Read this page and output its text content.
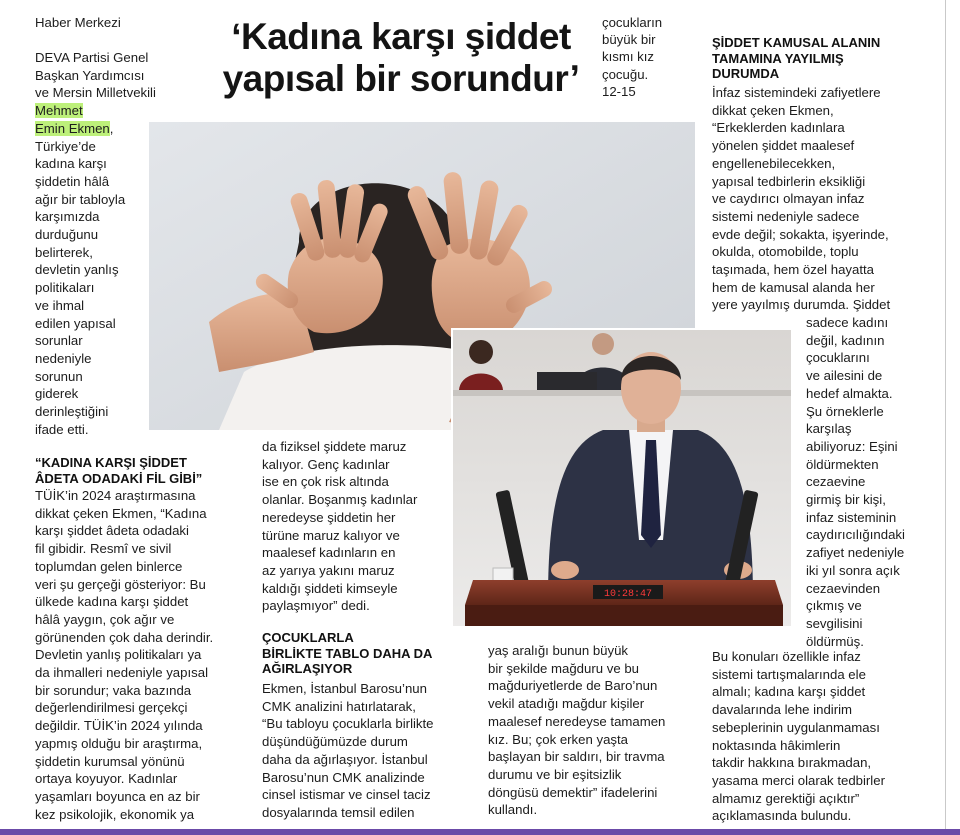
Haber Merkezi	‘Kadına karşı şiddet
yapısal bir sorundur’
çocukların
büyük bir
kısmı kız
çocuğu.
12-15
DEVA Partisi Genel
Başkan Yardımcısı
ve Mersin Milletvekili
Mehmet
Emin Ekmen,
Türkiye’de
kadına karşı
şiddetin hâlâ
ağır bir tabloyla
karşımızda
durduğunu
belirterek,
devletin yanlış
politikaları
ve ihmal
edilen yapısal
sorunlar
nedeniyle
sorunun
giderek
derinleştiğini
ifade etti.
“KADINA KARŞI ŞİDDET
ÂDETA ODADAKİ FİL GİBİ”
TÜİK’in 2024 araştırmasına
dikkat çeken Ekmen, “Kadına
karşı şiddet âdeta odadaki
fil gibidir. Resmî ve sivil
toplumdan gelen binlerce
veri şu gerçeği gösteriyor: Bu
ülkede kadına karşı şiddet
hâlâ yaygın, çok ağır ve
görünenden çok daha derindir.
Devletin yanlış politikaları ya
da ihmalleri nedeniyle yapısal
bir sorundur; vaka bazında
değerlendirilmesi gerçekçi
değildir. TÜİK’in 2024 yılında
yapmış olduğu bir araştırma,
şiddetin kurumsal yönünü
ortaya koyuyor. Kadınlar
yaşamları boyunca en az bir
kez psikolojik, ekonomik ya
10:28:47
da fiziksel şiddete maruz
kalıyor. Genç kadınlar
ise en çok risk altında
olanlar. Boşanmış kadınlar
neredeyse şiddetin her
türüne maruz kalıyor ve
maalesef kadınların en
az yarıya yakını maruz
kaldığı şiddeti kimseyle
paylaşmıyor” dedi.
ÇOCUKLARLA
BİRLİKTE TABLO DAHA DA
AĞIRLAŞIYOR
Ekmen, İstanbul Barosu’nun
CMK analizini hatırlatarak,
“Bu tabloyu çocuklarla birlikte
düşündüğümüzde durum
daha da ağırlaşıyor. İstanbul
Barosu’nun CMK analizinde
cinsel istismar ve cinsel taciz
dosyalarında temsil edilen
yaş aralığı bunun büyük
bir şekilde mağduru ve bu
mağduriyetlerde de Baro’nun
vekil atadığı mağdur kişiler
maalesef neredeyse tamamen
kız. Bu; çok erken yaşta
başlayan bir saldırı, bir travma
durumu ve bir eşitsizlik
döngüsü demektir” ifadelerini
kullandı.
ŞİDDET KAMUSAL ALANIN
TAMAMINA YAYILMIŞ
DURUMDA
İnfaz sistemindeki zafiyetlere
dikkat çeken Ekmen,
“Erkeklerden kadınlara
yönelen şiddet maalesef
engellenebilecekken,
yapısal tedbirlerin eksikliği
ve caydırıcı olmayan infaz
sistemi nedeniyle sadece
evde değil; sokakta, işyerinde,
okulda, otomobilde, toplu
taşımada, hem özel hayatta
hem de kamusal alanda her
yere yayılmış durumda. Şiddet
sadece kadını
değil, kadının
çocuklarını
ve ailesini de
hedef almakta.
Şu örneklerle
karşılaş
abiliyoruz: Eşini
öldürmekten
cezaevine
girmiş bir kişi,
infaz sisteminin
caydırıcılığındaki
zafiyet nedeniyle
iki yıl sonra açık
cezaevinden
çıkmış ve
sevgilisini
öldürmüş.
Bu konuları özellikle infaz
sistemi tartışmalarında ele
almalı; kadına karşı şiddet
davalarında lehe indirim
sebeplerinin uygulanmaması
noktasında hâkimlerin
takdir hakkına bırakmadan,
yasama merci olarak tedbirler
almamız gerektiği açıktır”
açıklamasında bulundu.
